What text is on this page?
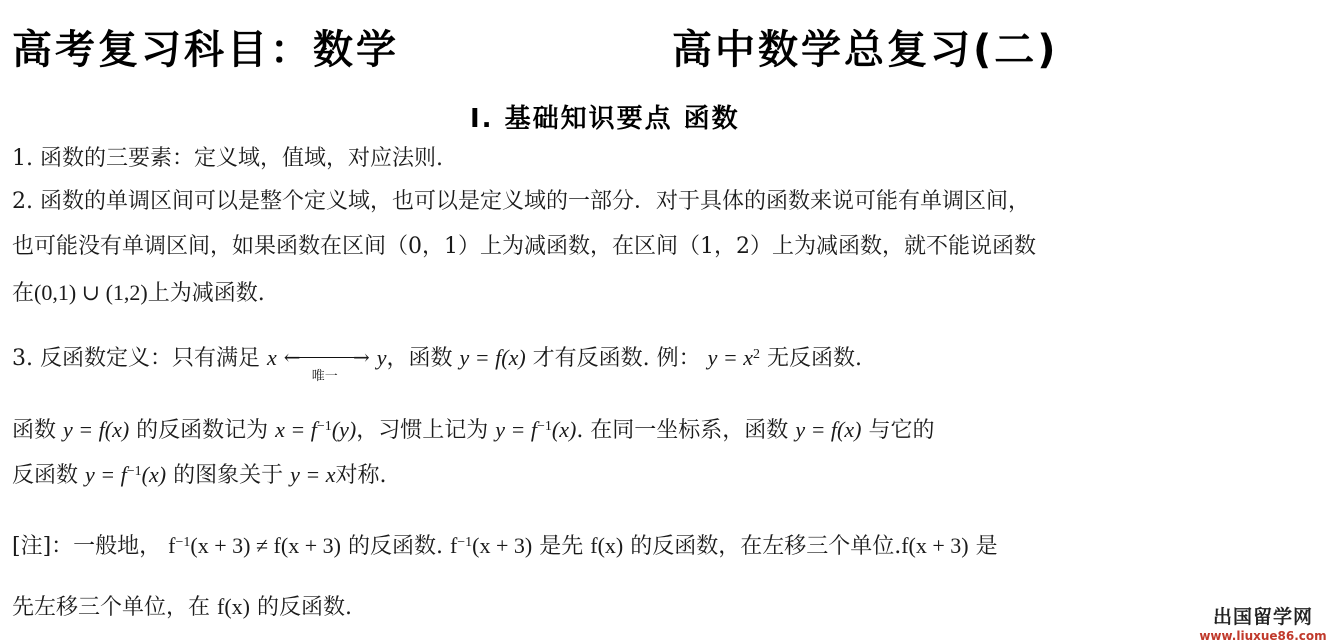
高考复习科目：数学	高中数学总复习(二)
I. 基础知识要点 函数
1. 函数的三要素：定义域，值域，对应法则.
2. 函数的单调区间可以是整个定义域，也可以是定义域的一部分．对于具体的函数来说可能有单调区间，
也可能没有单调区间，如果函数在区间（0，1）上为减函数，在区间（1，2）上为减函数，就不能说函数
在(0,1) ∪ (1,2)上为减函数.
3. 反函数定义：只有满足 x ←	→
唯一
y，函数 y = f(x) 才有反函数. 例： $y = x^2$ 无反函数.
函数 y = f(x) 的反函数记为 $x = f^{-1}(y)$，习惯上记为 $y = f^{-1}(x)$. 在同一坐标系，函数 y = f(x) 与它的
反函数 $y = f^{-1}(x)$ 的图象关于 y = x对称.
[注]：一般地， $f^{-1}(x + 3) \ne f(x + 3)$ 的反函数. $f^{-1}(x + 3)$ 是先 f(x) 的反函数，在左移三个单位.f(x + 3) 是
先左移三个单位，在 f(x) 的反函数.	出国留学网
www.liuxue86.com
